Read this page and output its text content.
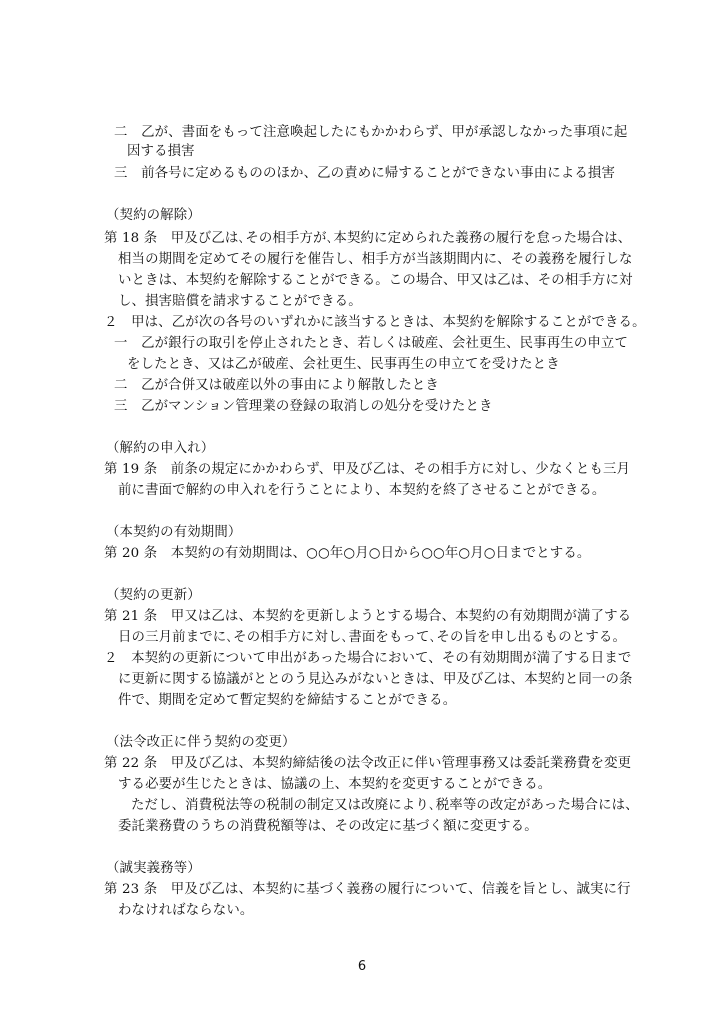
二　乙が、書面をもって注意喚起したにもかかわらず、甲が承認しなかった事項に起
因する損害
三　前各号に定めるもののほか、乙の責めに帰することができない事由による損害
（契約の解除）
第 18 条　甲及び乙は､その相手方が､本契約に定められた義務の履行を怠った場合は、
相当の期間を定めてその履行を催告し、相手方が当該期間内に、その義務を履行しな
いときは、本契約を解除することができる。この場合、甲又は乙は、その相手方に対
し、損害賠償を請求することができる。
２　甲は、乙が次の各号のいずれかに該当するときは、本契約を解除することができる。
一　乙が銀行の取引を停止されたとき、若しくは破産、会社更生、民事再生の申立て
をしたとき、又は乙が破産、会社更生、民事再生の申立てを受けたとき
二　乙が合併又は破産以外の事由により解散したとき
三　乙がマンション管理業の登録の取消しの処分を受けたとき
（解約の申入れ）
第 19 条　前条の規定にかかわらず、甲及び乙は、その相手方に対し、少なくとも三月
前に書面で解約の申入れを行うことにより、本契約を終了させることができる。
（本契約の有効期間）
第 20 条　本契約の有効期間は、○○年○月○日から○○年○月○日までとする。
（契約の更新）
第 21 条　甲又は乙は、本契約を更新しようとする場合、本契約の有効期間が満了する
日の三月前までに､その相手方に対し､書面をもって､その旨を申し出るものとする。
２　本契約の更新について申出があった場合において、その有効期間が満了する日まで
に更新に関する協議がととのう見込みがないときは、甲及び乙は、本契約と同一の条
件で、期間を定めて暫定契約を締結することができる。
（法令改正に伴う契約の変更）
第 22 条　甲及び乙は、本契約締結後の法令改正に伴い管理事務又は委託業務費を変更
する必要が生じたときは、協議の上、本契約を変更することができる。
ただし、消費税法等の税制の制定又は改廃により､税率等の改定があった場合には、
委託業務費のうちの消費税額等は、その改定に基づく額に変更する。
（誠実義務等）
第 23 条　甲及び乙は、本契約に基づく義務の履行について、信義を旨とし、誠実に行
わなければならない。
6
